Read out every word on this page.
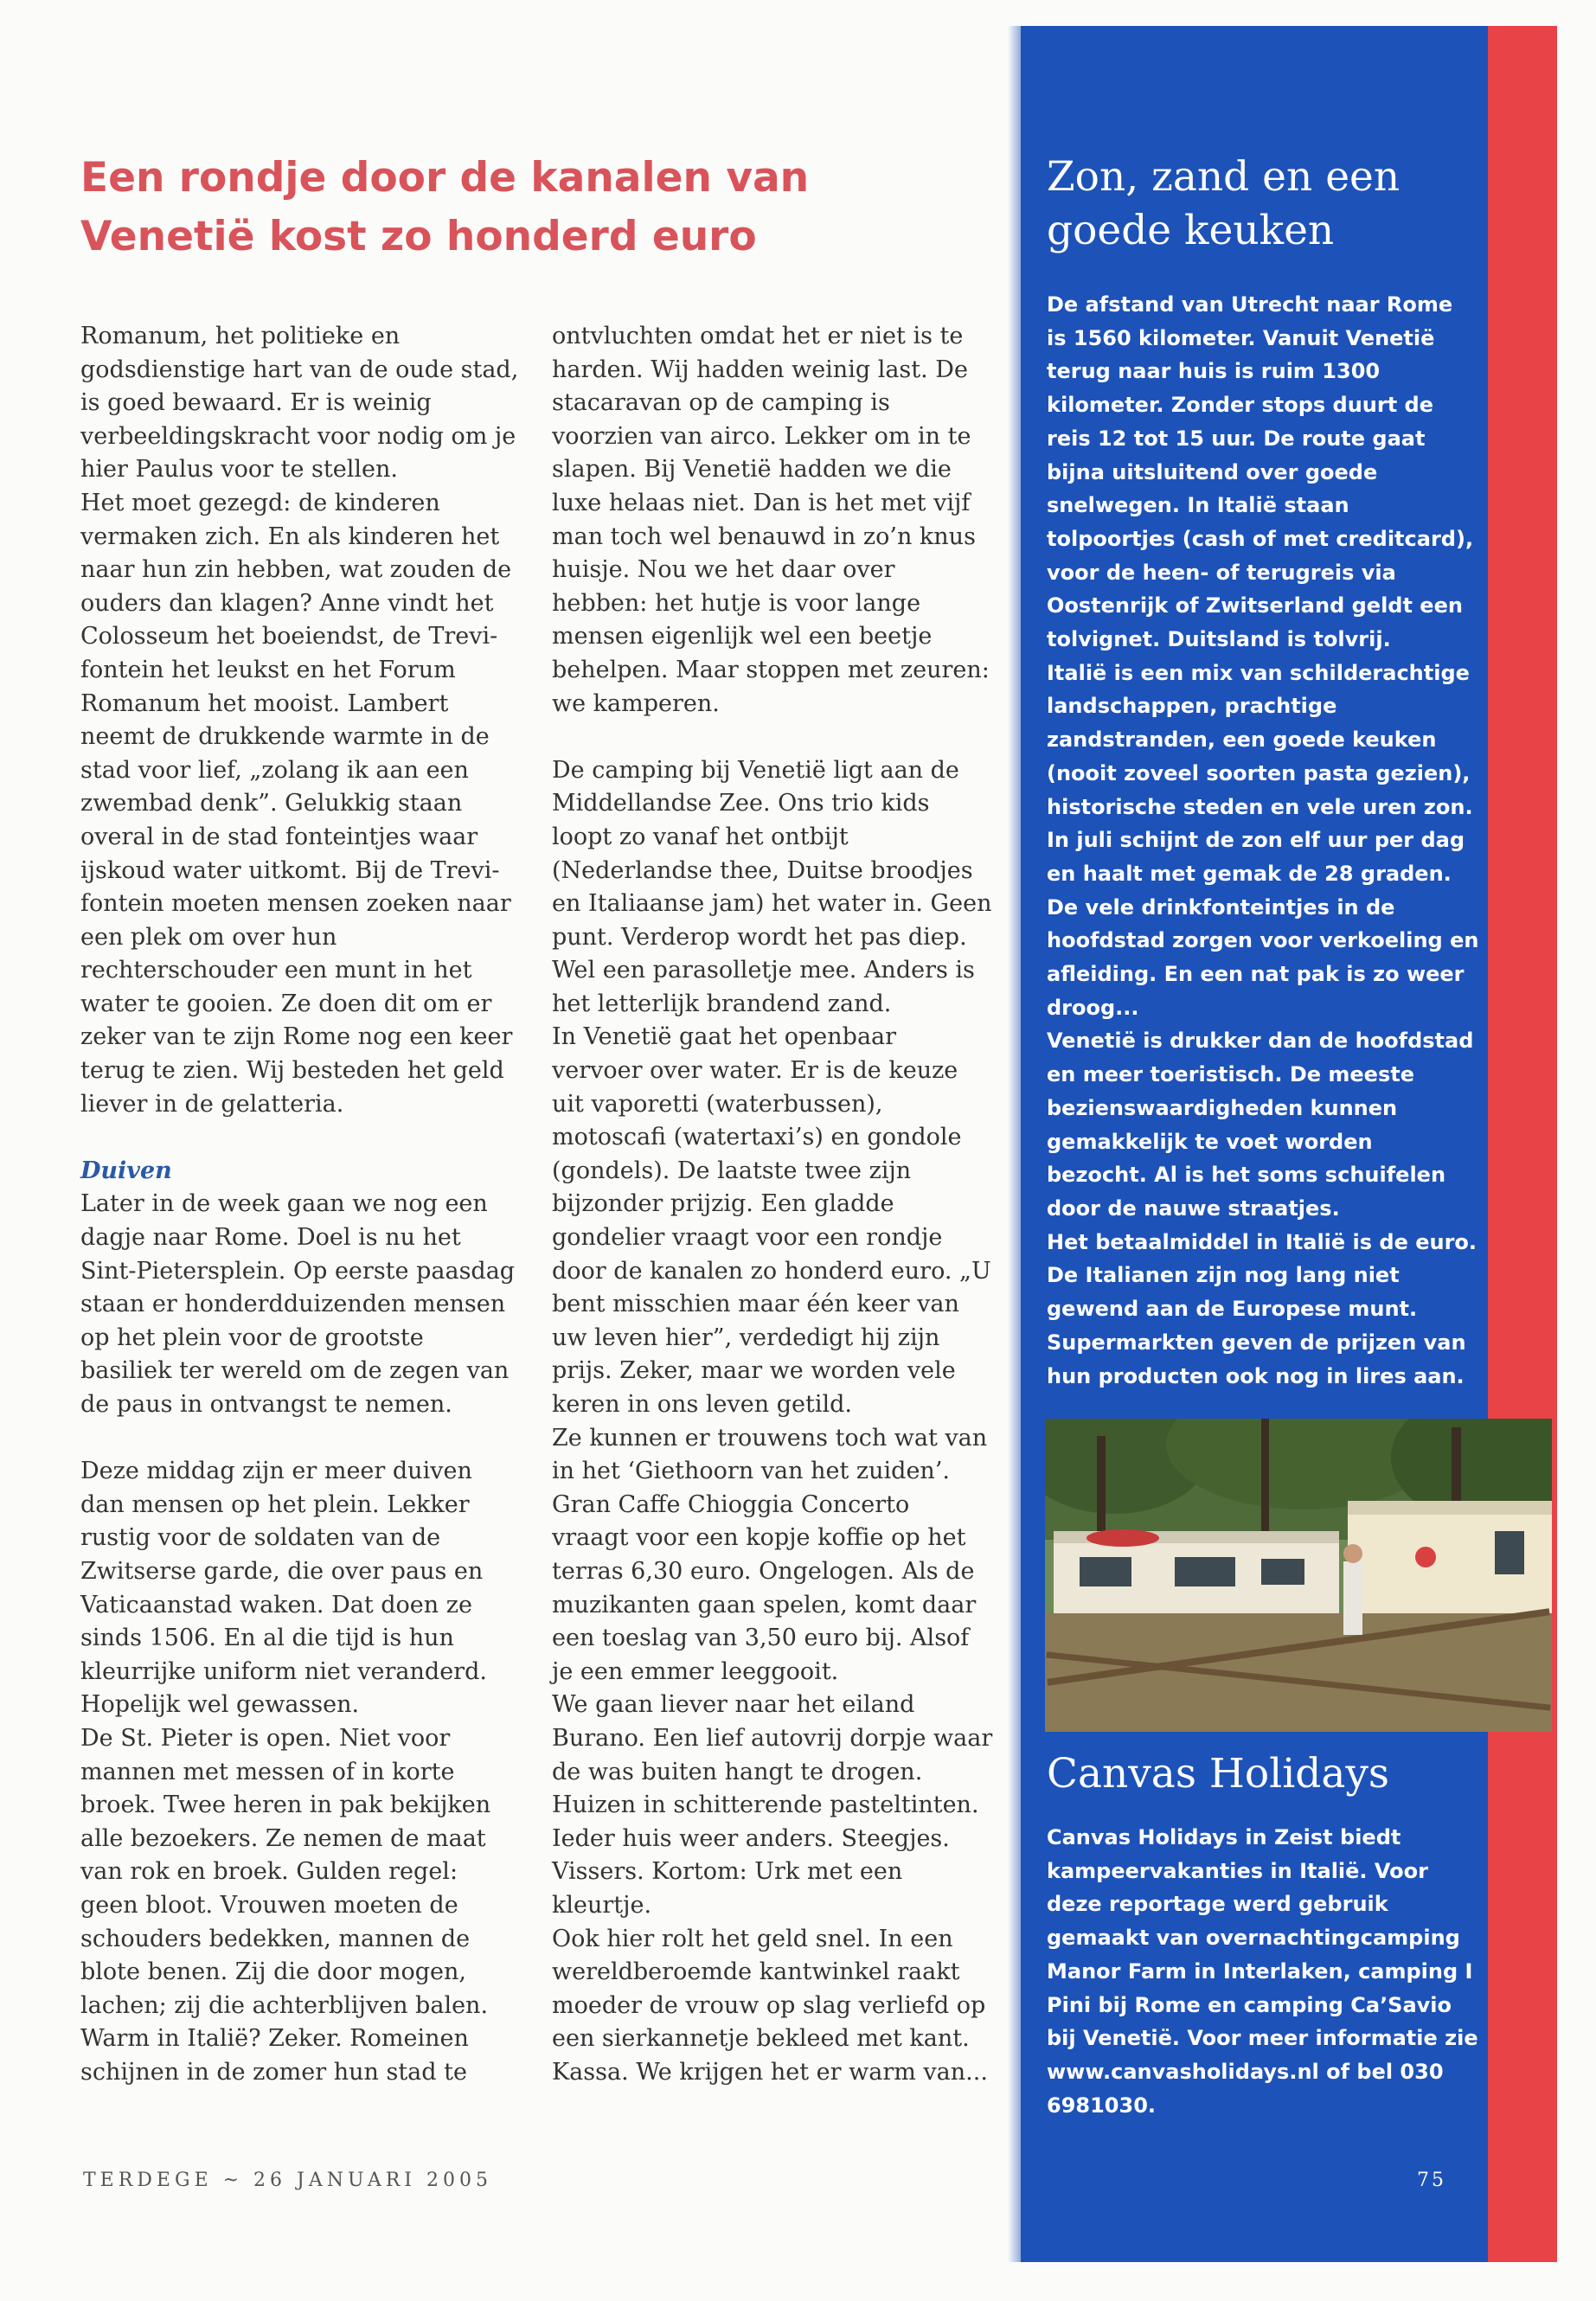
Een rondje door de kanalen van Venetië kost zo honderd euro

Romanum, het politieke en godsdienstige hart van de oude stad, is goed bewaard. Er is weinig verbeeldingskracht voor nodig om je hier Paulus voor te stellen.

Het moet gezegd: de kinderen vermaken zich. En als kinderen het naar hun zin hebben, wat zouden de ouders dan klagen? Anne vindt het Colosseum het boeiendst, de Trevi-fontein het leukst en het Forum Romanum het mooist. Lambert neemt de drukkende warmte in de stad voor lief, „zolang ik aan een zwembad denk”. Gelukkig staan overal in de stad fonteintjes waar ijskoud water uitkomt. Bij de Trevi-fontein moeten mensen zoeken naar een plek om over hun rechterschouder een munt in het water te gooien. Ze doen dit om er zeker van te zijn Rome nog een keer terug te zien. Wij besteden het geld liever in de gelatteria.

Duiven

Later in de week gaan we nog een dagje naar Rome. Doel is nu het Sint-Pietersplein. Op eerste paasdag staan er honderdduizenden mensen op het plein voor de grootste basiliek ter wereld om de zegen van de paus in ontvangst te nemen.

Deze middag zijn er meer duiven dan mensen op het plein. Lekker rustig voor de soldaten van de Zwitserse garde, die over paus en Vaticaanstad waken. Dat doen ze sinds 1506. En al die tijd is hun kleurrijke uniform niet veranderd. Hopelijk wel gewassen.

De St. Pieter is open. Niet voor mannen met messen of in korte broek. Twee heren in pak bekijken alle bezoekers. Ze nemen de maat van rok en broek. Gulden regel: geen bloot. Vrouwen moeten de schouders bedekken, mannen de blote benen. Zij die door mogen, lachen; zij die achterblijven balen. Warm in Italië? Zeker. Romeinen schijnen in de zomer hun stad te

ontvluchten omdat het er niet is te harden. Wij hadden weinig last. De stacaravan op de camping is voorzien van airco. Lekker om in te slapen. Bij Venetië hadden we die luxe helaas niet. Dan is het met vijf man toch wel benauwd in zo’n knus huisje. Nou we het daar over hebben: het hutje is voor lange mensen eigenlijk wel een beetje behelpen. Maar stoppen met zeuren: we kamperen.

De camping bij Venetië ligt aan de Middellandse Zee. Ons trio kids loopt zo vanaf het ontbijt (Nederlandse thee, Duitse broodjes en Italiaanse jam) het water in. Geen punt. Verderop wordt het pas diep. Wel een parasolletje mee. Anders is het letterlijk brandend zand.

In Venetië gaat het openbaar vervoer over water. Er is de keuze uit vaporetti (waterbussen), motoscafi (watertaxi’s) en gondole (gondels). De laatste twee zijn bijzonder prijzig. Een gladde gondelier vraagt voor een rondje door de kanalen zo honderd euro. „U bent misschien maar één keer van uw leven hier”, verdedigt hij zijn prijs. Zeker, maar we worden vele keren in ons leven getild.

Ze kunnen er trouwens toch wat van in het ‘Giethoorn van het zuiden’. Gran Caffe Chioggia Concerto vraagt voor een kopje koffie op het terras 6,30 euro. Ongelogen. Als de muzikanten gaan spelen, komt daar een toeslag van 3,50 euro bij. Alsof je een emmer leeggooit.

We gaan liever naar het eiland Burano. Een lief autovrij dorpje waar de was buiten hangt te drogen. Huizen in schitterende pasteltinten. Ieder huis weer anders. Steegjes. Vissers. Kortom: Urk met een kleurtje.

Ook hier rolt het geld snel. In een wereldberoemde kantwinkel raakt moeder de vrouw op slag verliefd op een sierkannetje bekleed met kant. Kassa. We krijgen het er warm van...

Zon, zand en een goede keuken

De afstand van Utrecht naar Rome is 1560 kilometer. Vanuit Venetië terug naar huis is ruim 1300 kilometer. Zonder stops duurt de reis 12 tot 15 uur. De route gaat bijna uitsluitend over goede snelwegen. In Italië staan tolpoortjes (cash of met creditcard), voor de heen- of terugreis via Oostenrijk of Zwitserland geldt een tolvignet. Duitsland is tolvrij.

Italië is een mix van schilderachtige landschappen, prachtige zandstranden, een goede keuken (nooit zoveel soorten pasta gezien), historische steden en vele uren zon. In juli schijnt de zon elf uur per dag en haalt met gemak de 28 graden. De vele drinkfonteintjes in de hoofdstad zorgen voor verkoeling en afleiding. En een nat pak is zo weer droog...

Venetië is drukker dan de hoofdstad en meer toeristisch. De meeste bezienswaardigheden kunnen gemakkelijk te voet worden bezocht. Al is het soms schuifelen door de nauwe straatjes.

Het betaalmiddel in Italië is de euro. De Italianen zijn nog lang niet gewend aan de Europese munt. Supermarkten geven de prijzen van hun producten ook nog in lires aan.

Canvas Holidays

Canvas Holidays in Zeist biedt kampeervakanties in Italië. Voor deze reportage werd gebruik gemaakt van overnachtingcamping Manor Farm in Interlaken, camping I Pini bij Rome en camping Ca’Savio bij Venetië. Voor meer informatie zie www.canvasholidays.nl of bel 030 6981030.

TERDEGE ~ 26 JANUARI 2005	75
